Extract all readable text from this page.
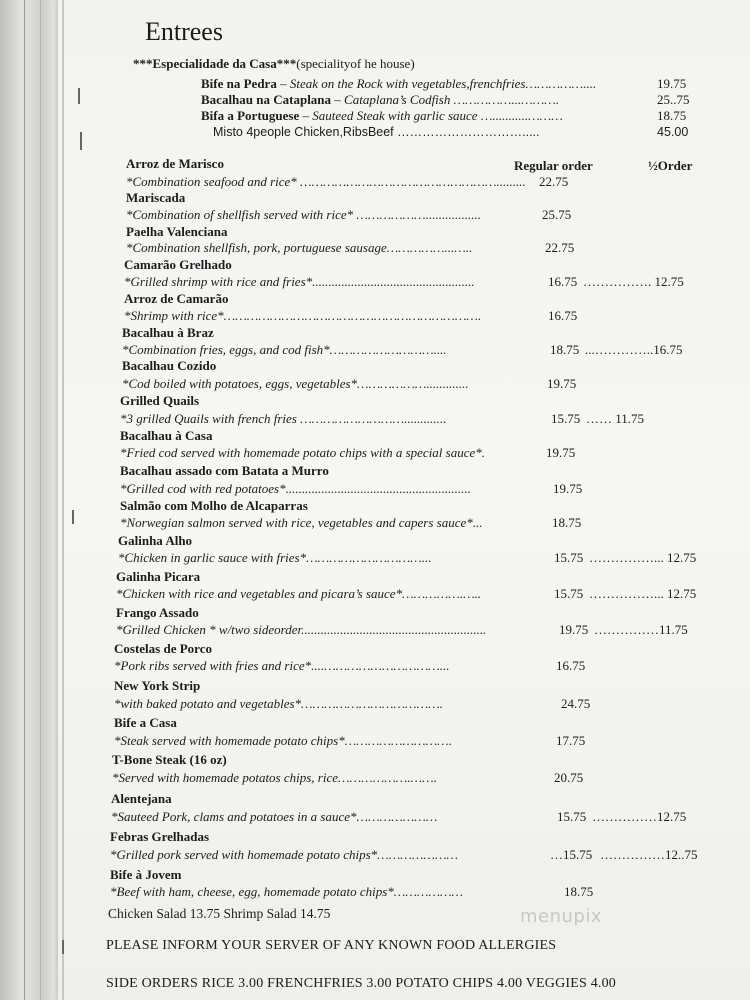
Entrees
***Especialidade da Casa***(specialityof he house)
Bife na Pedra – Steak on the Rock with vegetables,frenchfries……………....	19.75
Bacalhau na Cataplana – Cataplana’s Codfish ……………...……….	25..75
Bifa a Portuguese – Sauteed Steak with garlic sauce …...........………	18.75
Misto 4people Chicken,RibsBeef ………………………….....	45.00
Regular order	½Order
Arroz de Marisco
*Combination seafood and rice* ……………………………………………......... 22.75
Mariscada
*Combination of shellfish served with rice* ……………….................	25.75
Paelha Valenciana
*Combination shellfish, pork, portuguese sausage……………...…..	22.75
Camarão Grelhado
*Grilled shrimp with rice and fries*..................................................	16.75 ……………. 12.75
Arroz de Camarão
*Shrimp with rice*………………………………………………………….	16.75
Bacalhau à Braz
*Combination fries, eggs, and cod fish*………………………....	18.75 ...…………..16.75
Bacalhau Cozido
*Cod boiled with potatoes, eggs, vegetables*……………….............	19.75
Grilled Quails
*3 grilled Quails with french fries ……………………….............	15.75 …… 11.75
Bacalhau à Casa
*Fried cod served with homemade potato chips with a special sauce*.	19.75
Bacalhau assado com Batata a Murro
*Grilled cod with red potatoes*.........................................................	19.75
Salmão com Molho de Alcaparras
*Norwegian salmon served with rice, vegetables and capers sauce*...	18.75
Galinha Alho
*Chicken in garlic sauce with fries*…………………………...	15.75 ……………... 12.75
Galinha Picara
*Chicken with rice and vegetables and picara’s sauce*…………….…..	15.75 ……………... 12.75
Frango Assado
*Grilled Chicken * w/two sideorder.........................................................	19.75 ……………11.75
Costelas de Porco
*Pork ribs served with fries and rice*....…………………………...	16.75
New York Strip
*with baked potato and vegetables*……………………………….	24.75
Bife a Casa
*Steak served with homemade potato chips*……………………….	17.75
T-Bone Steak (16 oz)
*Served with homemade potatos chips, rice……………….…….	20.75
Alentejana
*Sauteed Pork, clams and potatoes in a sauce*…………………	15.75 ……………12.75
Febras Grelhadas
*Grilled pork served with homemade potato chips*…………………	…15.75 ……………12..75
Bife à Jovem
*Beef with ham, cheese, egg, homemade potato chips*………………	18.75
Chicken Salad 13.75 Shrimp Salad 14.75	menupix
PLEASE INFORM YOUR SERVER OF ANY KNOWN FOOD ALLERGIES
SIDE ORDERS RICE 3.00 FRENCHFRIES 3.00 POTATO CHIPS 4.00 VEGGIES 4.00
